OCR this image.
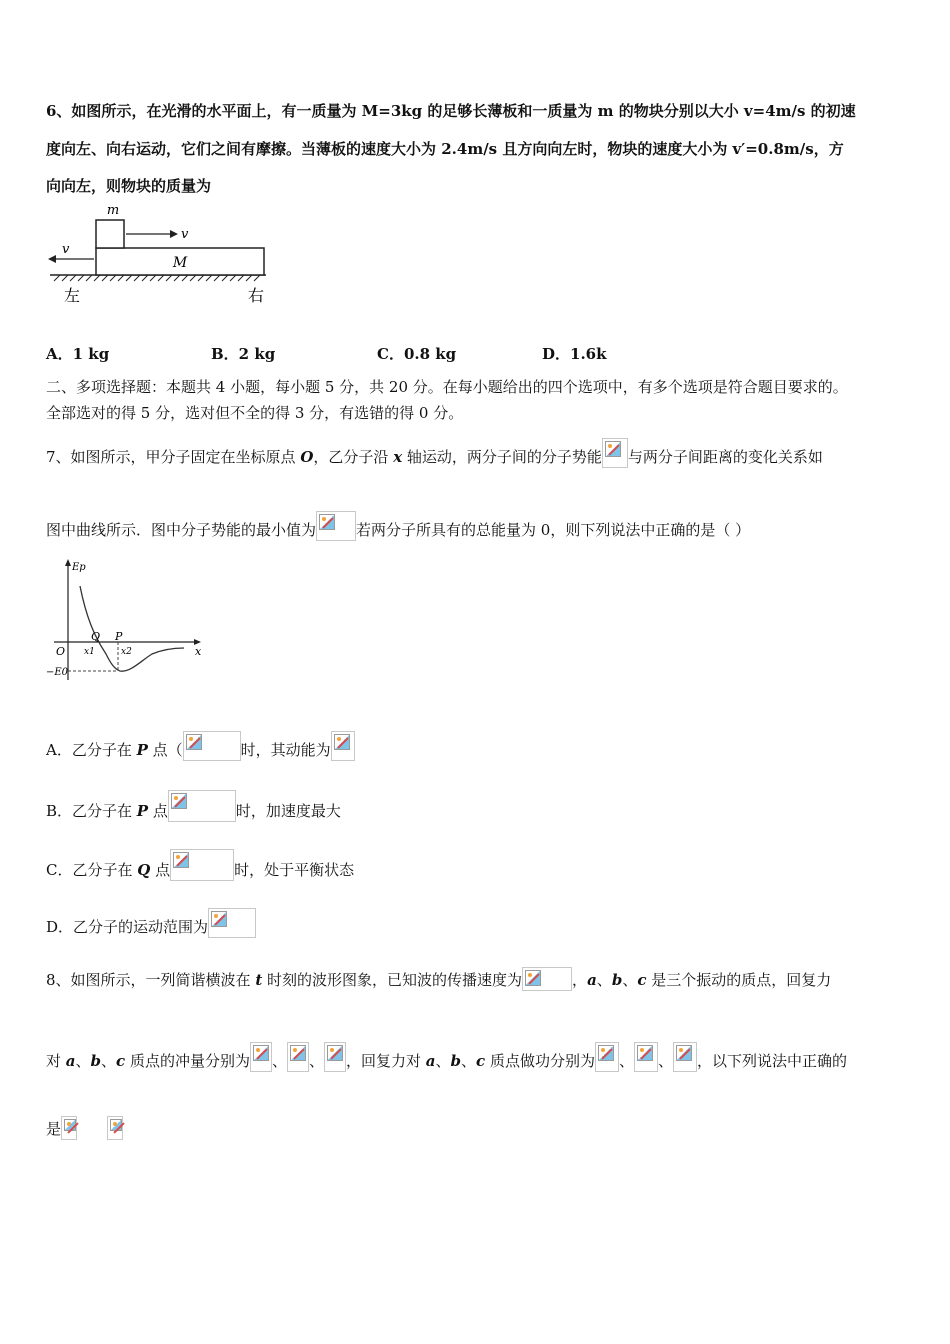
6、如图所示，在光滑的水平面上，有一质量为 M=3kg 的足够长薄板和一质量为 m 的物块分别以大小 v=4m/s 的初速
度向左、向右运动，它们之间有摩擦。当薄板的速度大小为 2.4m/s 且方向向左时，物块的速度大小为 v′=0.8m/s，方
向向左，则物块的质量为
M
m
v
v
左	右
A．1 kg	B．2 kg	C．0.8 kg	D．1.6k
二、多项选择题：本题共 4 小题，每小题 5 分，共 20 分。在每小题给出的四个选项中，有多个选项是符合题目要求的。
全部选对的得 5 分，选对但不全的得 3 分，有选错的得 0 分。
7、如图所示，甲分子固定在坐标原点 O，乙分子沿 x 轴运动，两分子间的分子势能 与两分子间距离的变化关系如
图中曲线所示．图中分子势能的最小值为	若两分子所具有的总能量为 0，则下列说法中正确的是（ ）
Ep
x
O
−E0
Q P
x1	x2
A．乙分子在 P 点（	时，其动能为
B．乙分子在 P 点	时，加速度最大
C．乙分子在 Q 点	时，处于平衡状态
D．乙分子的运动范围为
8、如图所示，一列简谐横波在 t 时刻的波形图象，已知波的传播速度为	，a、b、c 是三个振动的质点，回复力
对 a、b、c 质点的冲量分别为 、 、 ，回复力对 a、b、c 质点做功分别为 、 、 ，以下列说法中正确的
是
